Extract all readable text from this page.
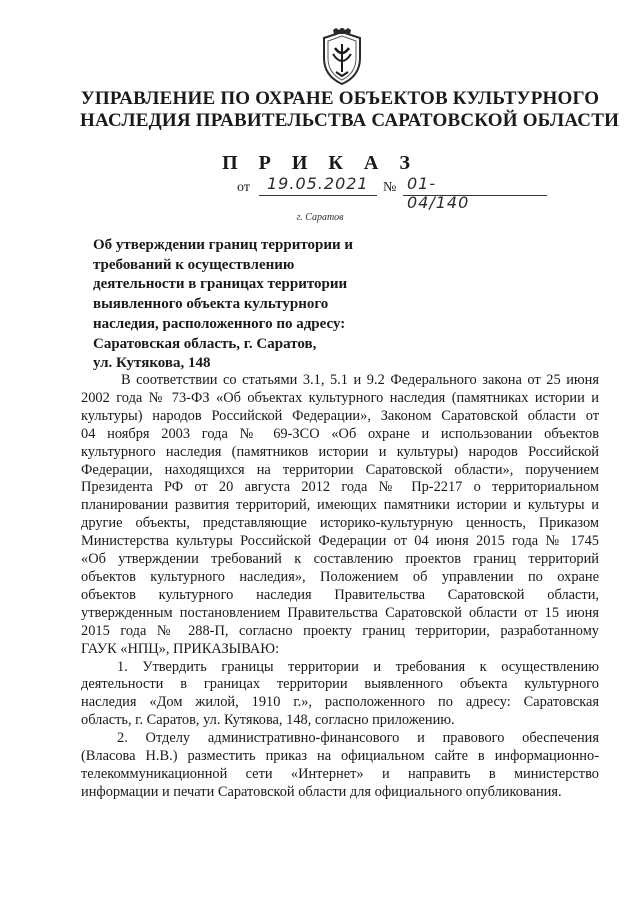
УПРАВЛЕНИЕ ПО ОХРАНЕ ОБЪЕКТОВ КУЛЬТУРНОГО
НАСЛЕДИЯ ПРАВИТЕЛЬСТВА САРАТОВСКОЙ ОБЛАСТИ
П Р И К А З
от 19.05.2021 № 01-04/140
г. Саратов
Об утверждении границ территории и
требований к осуществлению
деятельности в границах территории
выявленного объекта культурного
наследия, расположенного по адресу:
Саратовская область, г. Саратов,
ул. Кутякова, 148
В соответствии со статьями 3.1, 5.1 и 9.2 Федерального закона от 25 июня
2002 года № 73-ФЗ «Об объектах культурного наследия (памятниках истории и
культуры) народов Российской Федерации», Законом Саратовской области от
04 ноября 2003 года № 69-ЗСО «Об охране и использовании объектов
культурного наследия (памятников истории и культуры) народов Российской
Федерации, находящихся на территории Саратовской области», поручением
Президента РФ от 20 августа 2012 года № Пр-2217 о территориальном
планировании развития территорий, имеющих памятники истории и культуры и
другие объекты, представляющие историко-культурную ценность, Приказом
Министерства культуры Российской Федерации от 04 июня 2015 года № 1745
«Об утверждении требований к составлению проектов границ территорий
объектов культурного наследия», Положением об управлении по охране
объектов культурного наследия Правительства Саратовской области,
утвержденным постановлением Правительства Саратовской области от 15 июня
2015 года № 288-П, согласно проекту границ территории, разработанному
ГАУК «НПЦ», ПРИКАЗЫВАЮ:
1. Утвердить границы территории и требования к осуществлению
деятельности в границах территории выявленного объекта культурного
наследия «Дом жилой, 1910 г.», расположенного по адресу: Саратовская
область, г. Саратов, ул. Кутякова, 148, согласно приложению.
2. Отделу административно-финансового и правового обеспечения
(Власова Н.В.) разместить приказ на официальном сайте в информационно-
телекоммуникационной сети «Интернет» и направить в министерство
информации и печати Саратовской области для официального опубликования.
